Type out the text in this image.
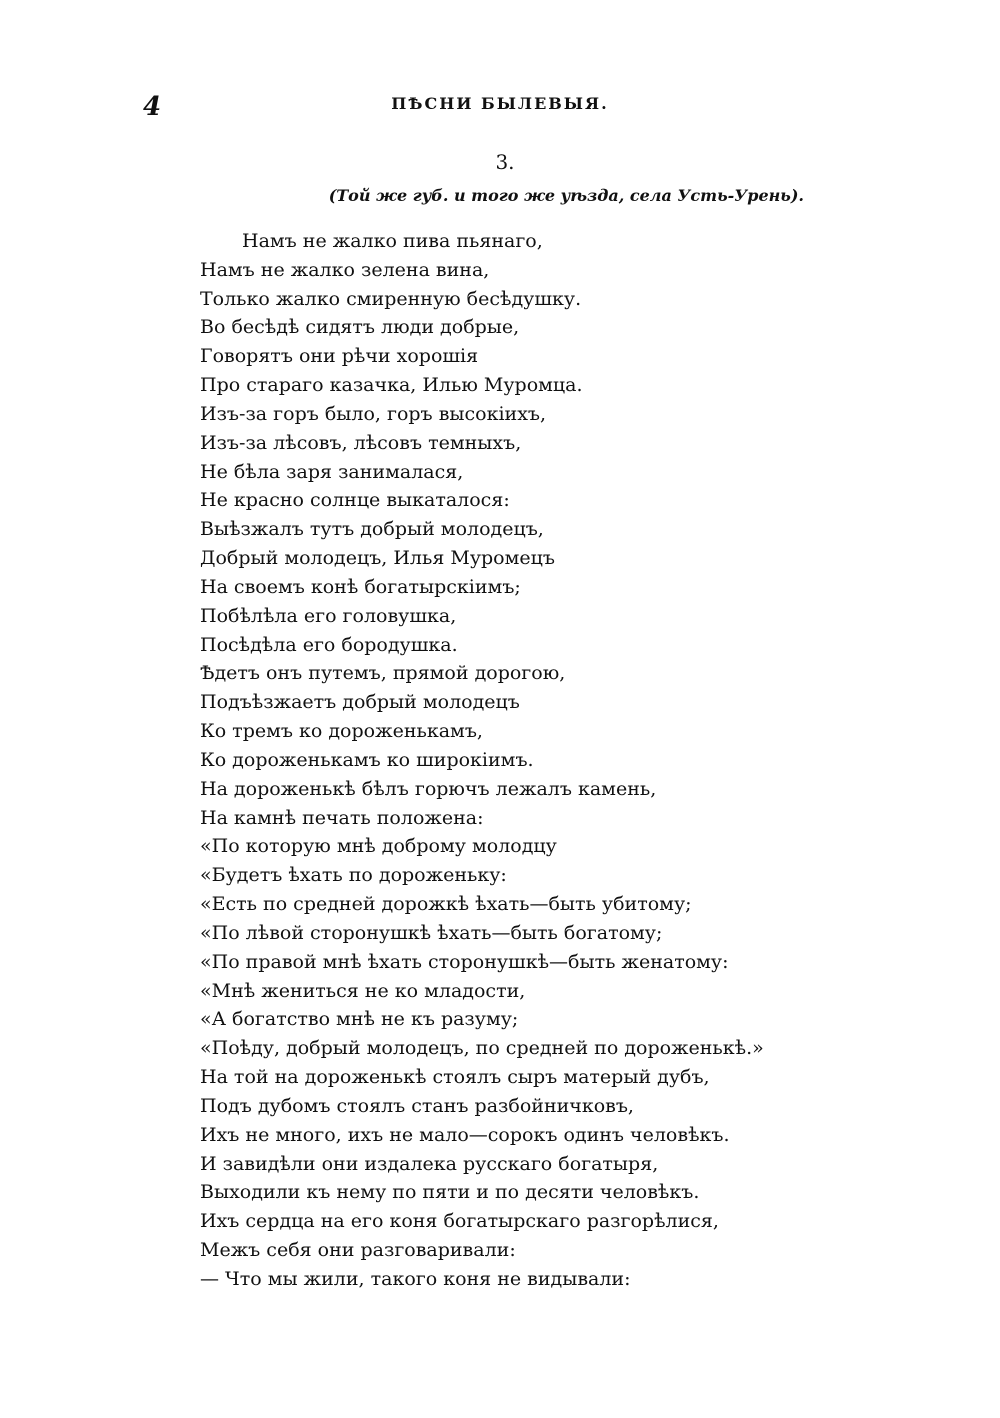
4	ПѢСНИ БЫЛЕВЫЯ.
3.
(Той же губ. и того же уѣзда, села Усть-Урень).
Намъ не жалко пива пьянаго,
Намъ не жалко зелена вина,
Только жалко смиренную бесѣдушку.
Во бесѣдѣ сидятъ люди добрые,
Говорятъ они рѣчи хорошія
Про стараго казачка, Илью Муромца.
Изъ-за горъ было, горъ высокіихъ,
Изъ-за лѣсовъ, лѣсовъ темныхъ,
Не бѣла заря занималася,
Не красно солнце выкаталося:
Выѣзжалъ тутъ добрый молодецъ,
Добрый молодецъ, Илья Муромецъ
На своемъ конѣ богатырскіимъ;
Побѣлѣла его головушка,
Посѣдѣла его бородушка.
Ѣдетъ онъ путемъ, прямой дорогою,
Подъѣзжаетъ добрый молодецъ
Ко тремъ ко дороженькамъ,
Ко дороженькамъ ко широкіимъ.
На дороженькѣ бѣлъ горючъ лежалъ камень,
На камнѣ печать положена:
«По которую мнѣ доброму молодцу
«Будетъ ѣхать по дороженьку:
«Есть по средней дорожкѣ ѣхать—быть убитому;
«По лѣвой сторонушкѣ ѣхать—быть богатому;
«По правой мнѣ ѣхать сторонушкѣ—быть женатому:
«Мнѣ жениться не ко младости,
«А богатство мнѣ не къ разуму;
«Поѣду, добрый молодецъ, по средней по дороженькѣ.»
На той на дороженькѣ стоялъ сыръ матерый дубъ,
Подъ дубомъ стоялъ станъ разбойничковъ,
Ихъ не много, ихъ не мало—сорокъ одинъ человѣкъ.
И завидѣли они издалека русскаго богатыря,
Выходили къ нему по пяти и по десяти человѣкъ.
Ихъ сердца на его коня богатырскаго разгорѣлися,
Межъ себя они разговаривали:
— Что мы жили, такого коня не видывали:
